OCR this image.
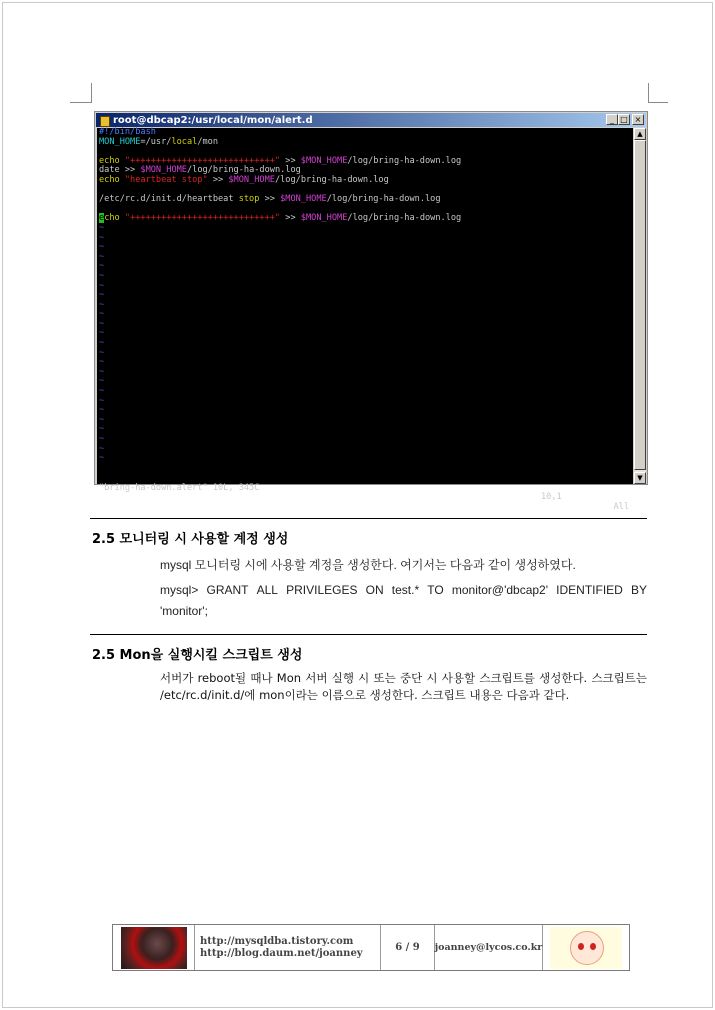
root@dbcap2:/usr/local/mon/alert.d	_ □ ×
#!/bin/bash
MON_HOME=/usr/local/mon
echo "++++++++++++++++++++++++++++" >> $MON_HOME/log/bring-ha-down.log
date >> $MON_HOME/log/bring-ha-down.log
echo "heartbeat stop" >> $MON_HOME/log/bring-ha-down.log
/etc/rc.d/init.d/heartbeat stop >> $MON_HOME/log/bring-ha-down.log
echo "++++++++++++++++++++++++++++" >> $MON_HOME/log/bring-ha-down.log
~
~
~
~
~
~
~
~
~
~
~
~
~
~
~
~
~
~
~
~
~
~
~
~
~

"bring-ha-down.alert" 10L, 345C

10,1

All

▲
▼
2.5 모니터링 시 사용할 계정 생성
mysql 모니터링 시에 사용할 계정을 생성한다. 여기서는 다음과 같이 생성하였다.
mysql> GRANT ALL PRIVILEGES ON test.* TO monitor@'dbcap2' IDENTIFIED BY
'monitor';
2.5 Mon을 실행시킬 스크립트 생성
서버가 reboot될 때나 Mon 서버 실행 시 또는 중단 시 사용할 스크립트를 생성한다. 스크립트는 /etc/rc.d/init.d/에 mon이라는 이름으로 생성한다. 스크립트 내용은 다음과 같다.
http://mysqldba.tistory.com
http://blog.daum.net/joanney	6 / 9	joanney@lycos.co.kr
